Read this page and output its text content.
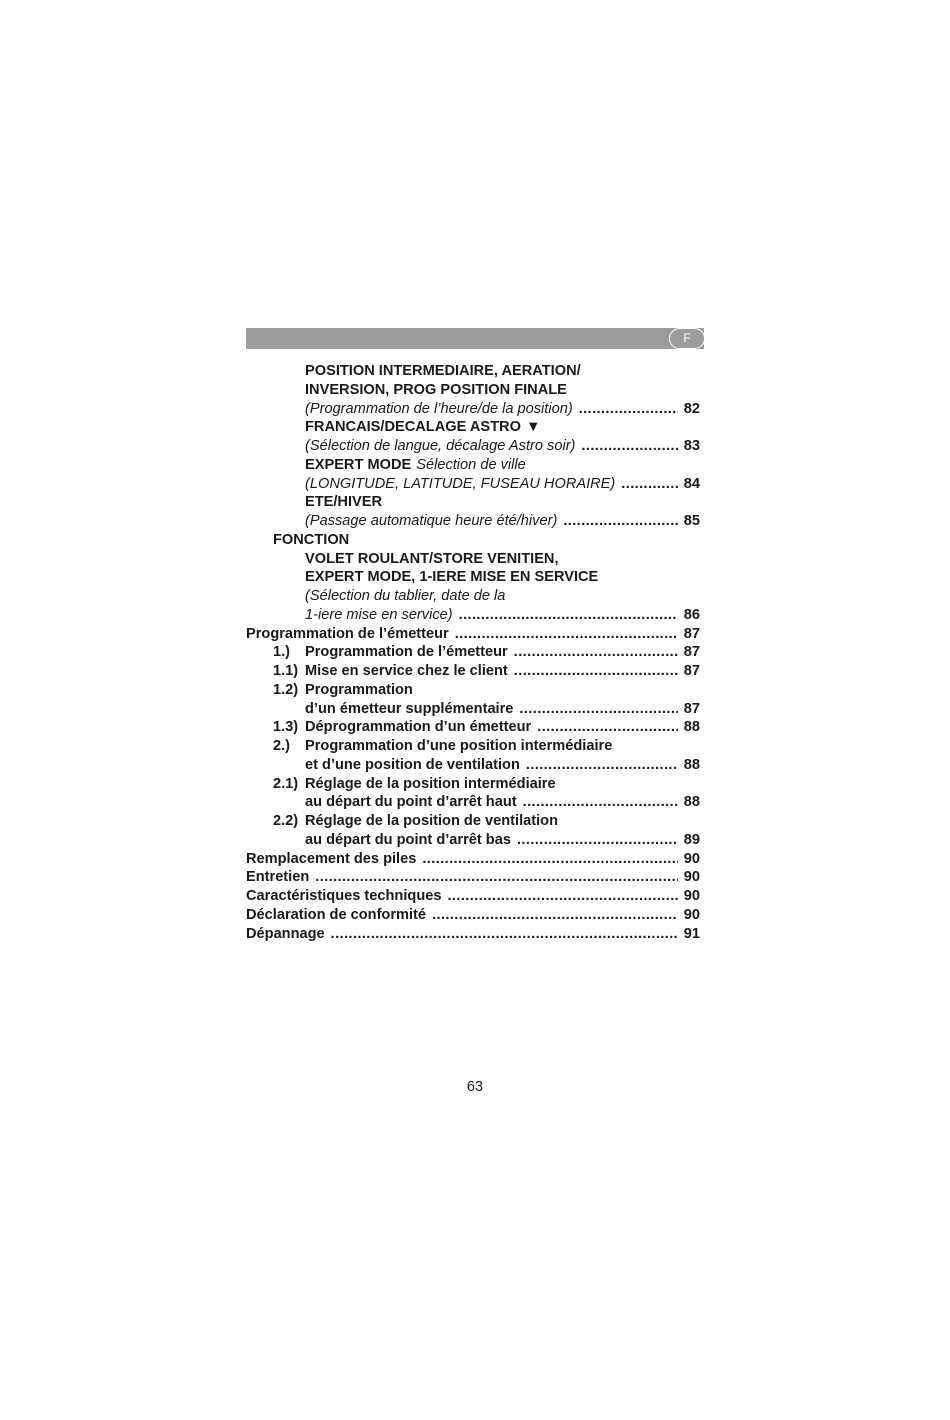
F
POSITION INTERMEDIAIRE, AERATION/
INVERSION, PROG POSITION FINALE
(Programmation de l’heure/de la position) .....	82
FRANCAIS/DECALAGE ASTRO ▼
(Sélection de langue, décalage Astro soir) .....	83
EXPERT MODE Sélection de ville
(LONGITUDE, LATITUDE, FUSEAU HORAIRE) .....	84
ETE/HIVER
(Passage automatique heure été/hiver) .....	85
FONCTION
VOLET ROULANT/STORE VENITIEN,
EXPERT MODE, 1-IERE MISE EN SERVICE
(Sélection du tablier, date de la
1-iere mise en service) .....	86
Programmation de l’émetteur .....	87
1.)	Programmation de l’émetteur .....	87
1.1) Mise en service chez le client .....	87
1.2) Programmation
d’un émetteur supplémentaire .....	87
1.3) Déprogrammation d’un émetteur .....	88
2.)	Programmation d’une position intermédiaire
et d’une position de ventilation .....	88
2.1) Réglage de la position intermédiaire
au départ du point d’arrêt haut .....	88
2.2) Réglage de la position de ventilation
au départ du point d’arrêt bas .....	89
Remplacement des piles .....	90
Entretien .....	90
Caractéristiques techniques .....	90
Déclaration de conformité .....	90
Dépannage .....	91
63
